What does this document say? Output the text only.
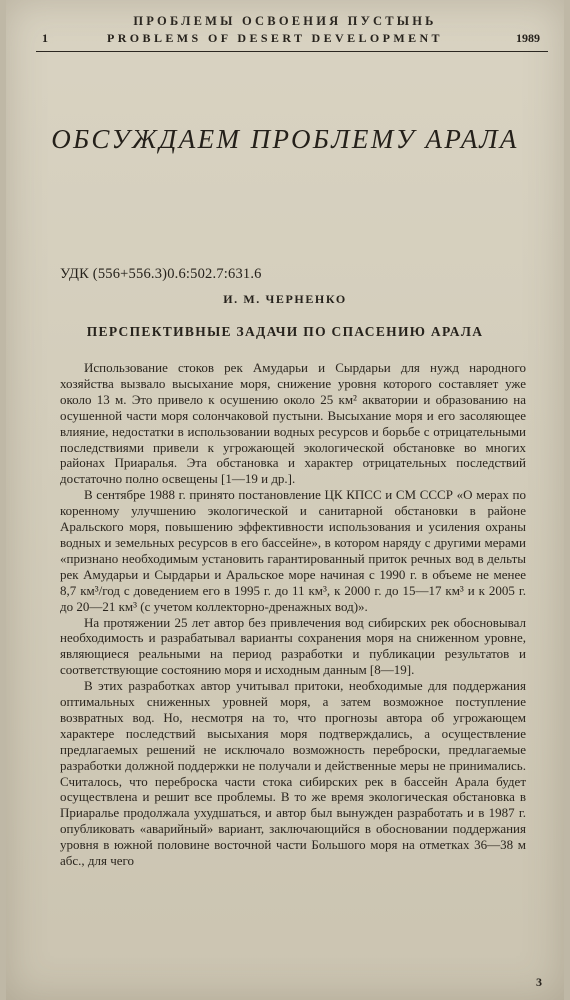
ПРОБЛЕМЫ ОСВОЕНИЯ ПУСТЫНЬ
1	PROBLEMS OF DESERT DEVELOPMENT	1989
ОБСУЖДАЕМ ПРОБЛЕМУ АРАЛА
УДК (556+556.3)0.6:502.7:631.6
И. М. ЧЕРНЕНКО
ПЕРСПЕКТИВНЫЕ ЗАДАЧИ ПО СПАСЕНИЮ АРАЛА

Использование стоков рек Амударьи и Сырдарьи для нужд народного хозяйства вызвало высыхание моря, снижение уровня которого составляет уже около 13 м. Это привело к осушению около 25 км² акватории и образованию на осушенной части моря солончаковой пустыни. Высыхание моря и его засоляющее влияние, недостатки в использовании водных ресурсов и борьбе с отрицательными последствиями привели к угрожающей экологической обстановке во многих районах Приаралья. Эта обстановка и характер отрицательных последствий достаточно полно освещены [1—19 и др.].

В сентябре 1988 г. принято постановление ЦК КПСС и СМ СССР «О мерах по коренному улучшению экологической и санитарной обстановки в районе Аральского моря, повышению эффективности использования и усиления охраны водных и земельных ресурсов в его бассейне», в котором наряду с другими мерами «признано необходимым установить гарантированный приток речных вод в дельты рек Амударьи и Сырдарьи и Аральское море начиная с 1990 г. в объеме не менее 8,7 км³/год с доведением его в 1995 г. до 11 км³, к 2000 г. до 15—17 км³ и к 2005 г. до 20—21 км³ (с учетом коллекторно-дренажных вод)».

На протяжении 25 лет автор без привлечения вод сибирских рек обосновывал необходимость и разрабатывал варианты сохранения моря на сниженном уровне, являющиеся реальными на период разработки и публикации результатов и соответствующие состоянию моря и исходным данным [8—19].

В этих разработках автор учитывал притоки, необходимые для поддержания оптимальных сниженных уровней моря, а затем возможное поступление возвратных вод. Но, несмотря на то, что прогнозы автора об угрожающем характере последствий высыхания моря подтверждались, а осуществление предлагаемых решений не исключало возможность переброски, предлагаемые разработки должной поддержки не получали и действенные меры не принимались. Считалось, что переброска части стока сибирских рек в бассейн Арала будет осуществлена и решит все проблемы. В то же время экологическая обстановка в Приаралье продолжала ухудшаться, и автор был вынужден разработать и в 1987 г. опубликовать «аварийный» вариант, заключающийся в обосновании поддержания уровня в южной половине восточной части Большого моря на отметках 36—38 м абс., для чего

3
